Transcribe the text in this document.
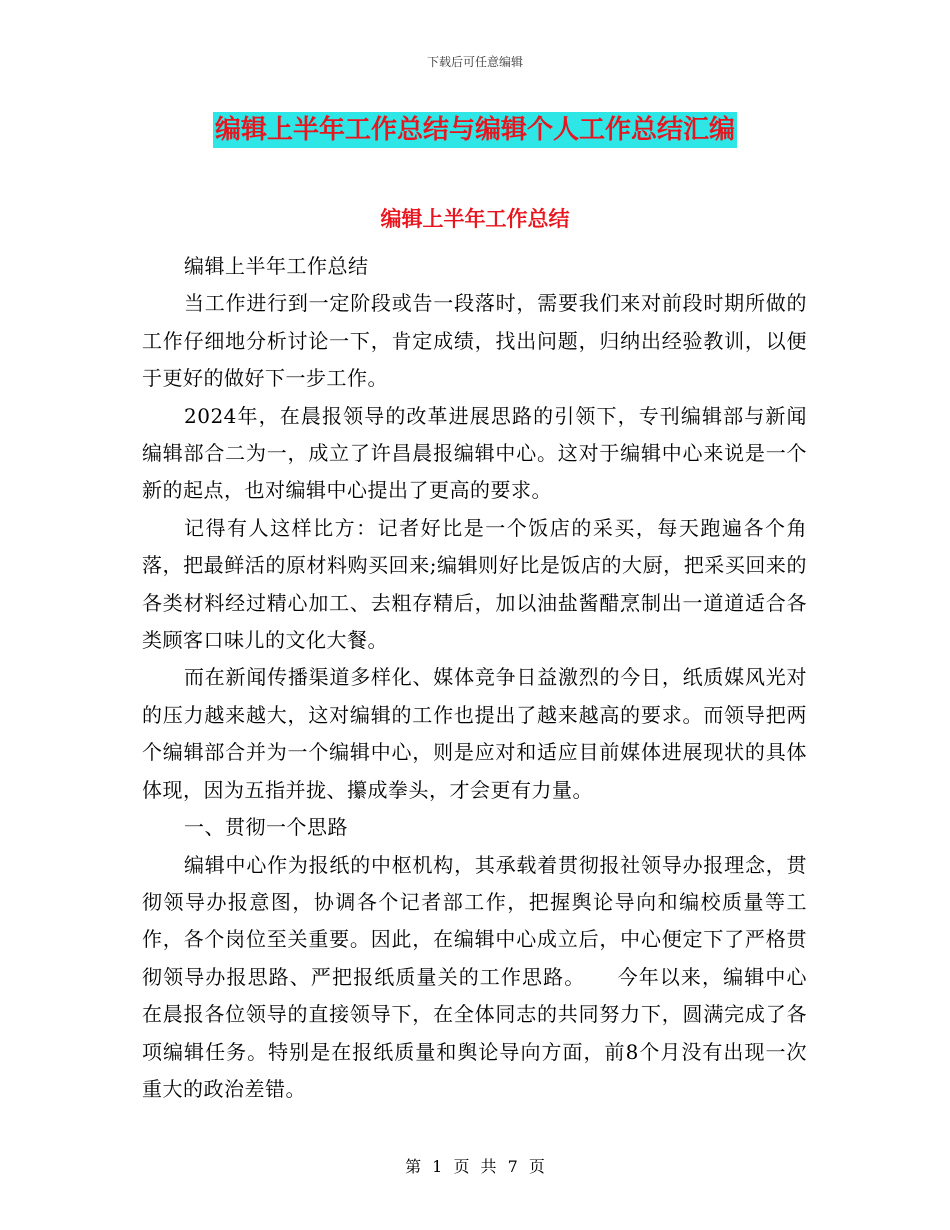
下载后可任意编辑
编辑上半年工作总结与编辑个人工作总结汇编
编辑上半年工作总结

编辑上半年工作总结

当工作进行到一定阶段或告一段落时，需要我们来对前段时期所做的工作仔细地分析讨论一下，肯定成绩，找出问题，归纳出经验教训，以便于更好的做好下一步工作。

2024年，在晨报领导的改革进展思路的引领下，专刊编辑部与新闻编辑部合二为一，成立了许昌晨报编辑中心。这对于编辑中心来说是一个新的起点，也对编辑中心提出了更高的要求。

记得有人这样比方：记者好比是一个饭店的采买，每天跑遍各个角落，把最鲜活的原材料购买回来;编辑则好比是饭店的大厨，把采买回来的各类材料经过精心加工、去粗存精后，加以油盐酱醋烹制出一道道适合各类顾客口味儿的文化大餐。

而在新闻传播渠道多样化、媒体竞争日益激烈的今日，纸质媒风光对的压力越来越大，这对编辑的工作也提出了越来越高的要求。而领导把两个编辑部合并为一个编辑中心，则是应对和适应目前媒体进展现状的具体体现，因为五指并拢、攥成拳头，才会更有力量。

一、贯彻一个思路

编辑中心作为报纸的中枢机构，其承载着贯彻报社领导办报理念，贯彻领导办报意图，协调各个记者部工作，把握舆论导向和编校质量等工作，各个岗位至关重要。因此，在编辑中心成立后，中心便定下了严格贯彻领导办报思路、严把报纸质量关的工作思路。　　今年以来，编辑中心在晨报各位领导的直接领导下，在全体同志的共同努力下，圆满完成了各项编辑任务。特别是在报纸质量和舆论导向方面，前8个月没有出现一次重大的政治差错。

第 1 页 共 7 页
